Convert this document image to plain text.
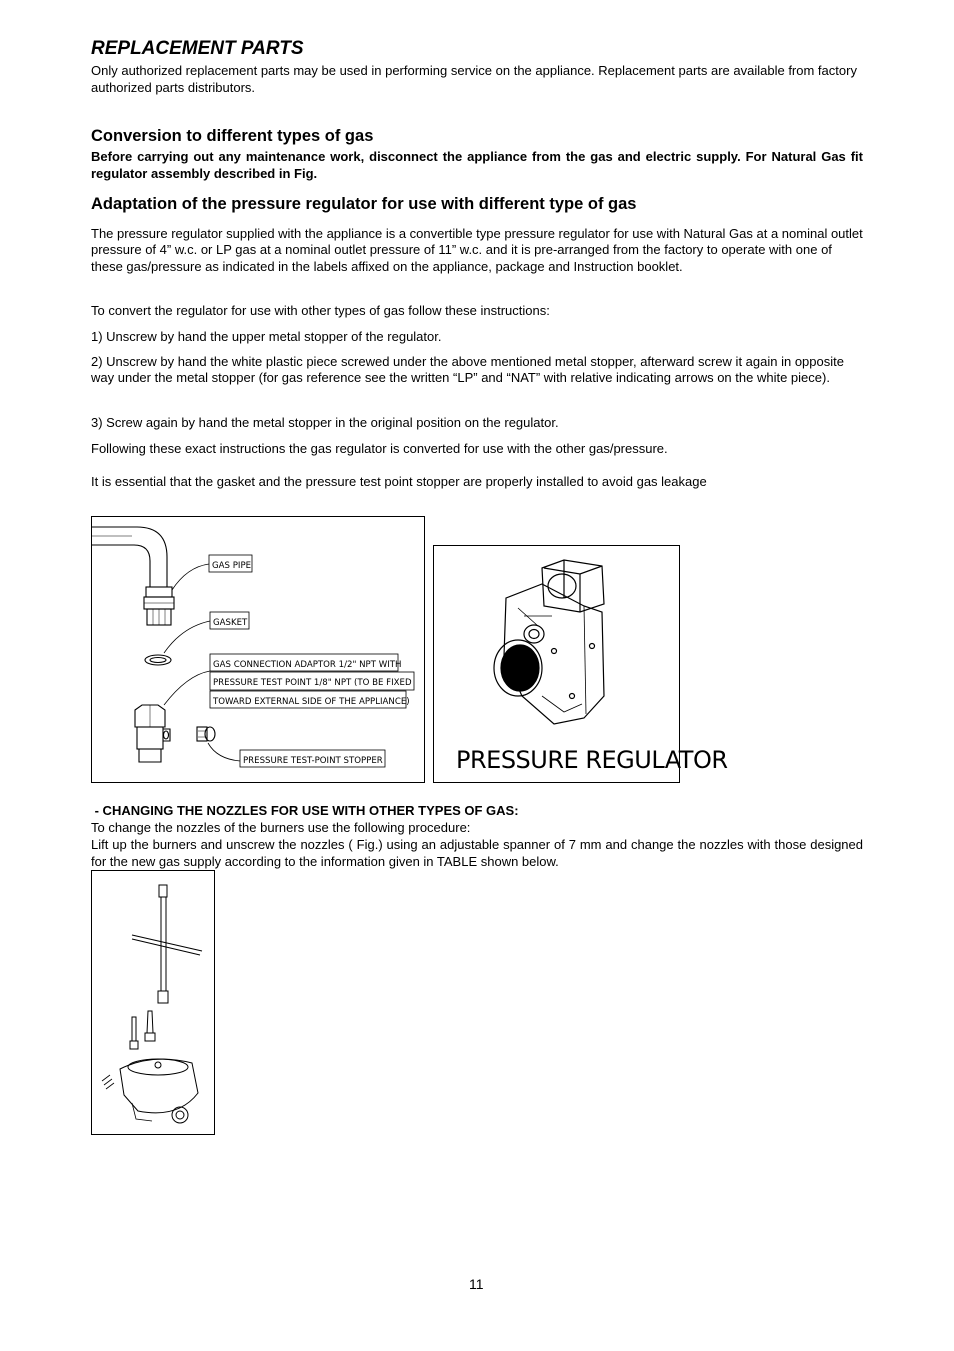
REPLACEMENT PARTS
Only authorized replacement parts may be used in performing service on the appliance. Replacement parts are available from factory authorized parts distributors.
Conversion to different types of gas
Before carrying out any maintenance work, disconnect the appliance from the gas and electric supply. For Natural Gas fit regulator assembly described in Fig.
Adaptation of the pressure regulator for use with different type of gas
The pressure regulator supplied with the appliance is a convertible type pressure regulator for use with Natural Gas at a nominal outlet pressure of 4” w.c. or LP gas at a nominal outlet pressure of 11” w.c. and it is pre-arranged from the factory to operate with one of these gas/pressure as indicated in the labels affixed on the appliance, package and Instruction booklet.
To convert the regulator for use with other types of gas follow these instructions:
1) Unscrew by hand the upper metal stopper of the regulator.
2) Unscrew by hand the white plastic piece screwed under the above mentioned metal stopper, afterward screw it again in opposite way under the metal stopper (for gas reference see the written “LP” and “NAT” with relative indicating arrows on the white piece).
3) Screw again by hand the metal stopper in the original position on the regulator.
Following these exact instructions the gas regulator is converted for use with the other gas/pressure.
It is essential that the gasket and the pressure test point stopper are properly installed to avoid gas leakage
GAS PIPE
GASKET
GAS CONNECTION ADAPTOR 1/2" NPT WITH
PRESSURE TEST POINT 1/8" NPT (TO BE FIXED
TOWARD EXTERNAL SIDE OF THE APPLIANCE)
PRESSURE TEST-POINT STOPPER	PRESSURE REGULATOR
- CHANGING THE NOZZLES FOR USE WITH OTHER TYPES OF GAS:
To change the nozzles of the burners use the following procedure:
Lift up the burners and unscrew the nozzles ( Fig.) using an adjustable spanner of 7 mm and change the nozzles with those designed for the new gas supply according to the information given in TABLE shown below.
11
